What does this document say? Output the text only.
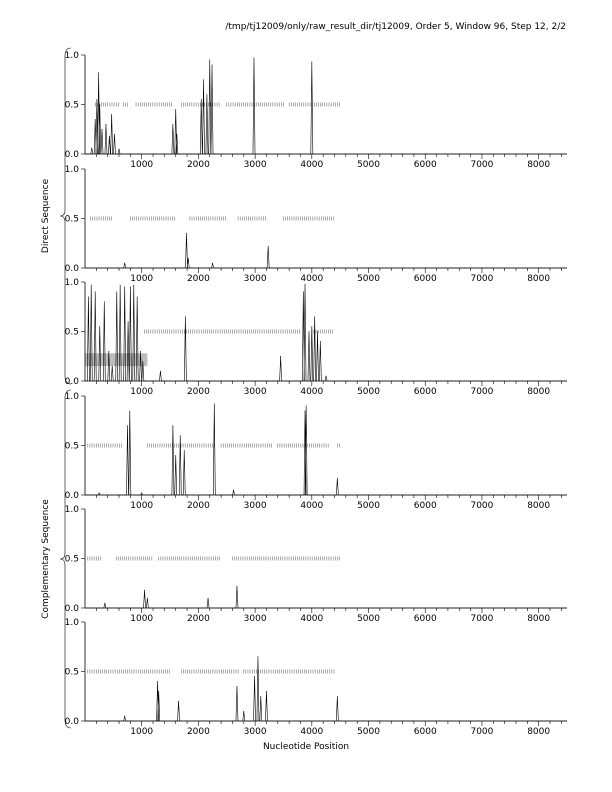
/tmp/tj12009/only/raw_result_dir/tj12009, Order 5, Window 96, Step 12, 2/2
Direct Sequence
Complementary Sequence
Nucleotide Position
1000	2000	3000	4000	5000	6000	7000	8000
0.0
0.5
1.0
1000	2000	3000	4000	5000	6000	7000	8000
0.0
0.5
1.0
1000	2000	3000	4000	5000	6000	7000	8000
0.0
0.5
1.0
1000	2000	3000	4000	5000	6000	7000	8000
0.0
0.5
1.0
1000	2000	3000	4000	5000	6000	7000	8000
0.0
0.5
1.0
1000	2000	3000	4000	5000	6000	7000	8000
0.0
0.5
1.0
